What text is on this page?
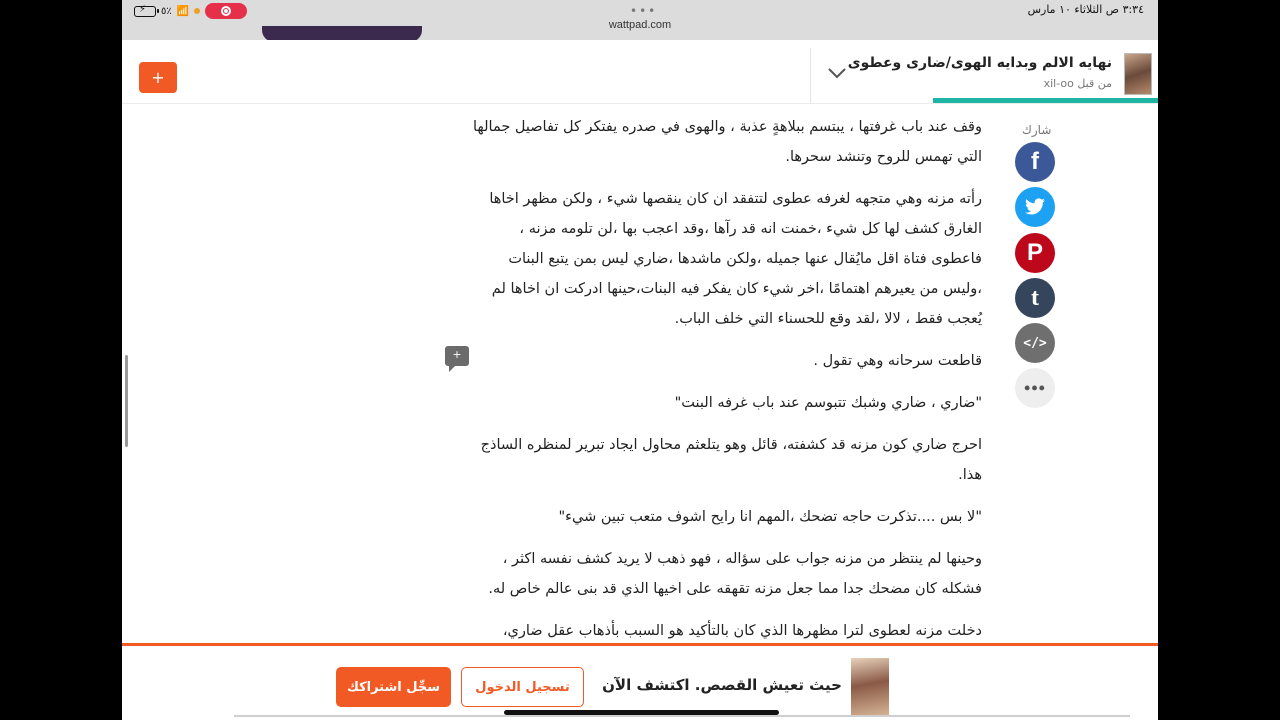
⚡ ٥٪ 📶	•••
wattpad.com
٣:٣٤ ص الثلاثاء ١٠ مارس
+
نهايه الالم وبدايه الهوى/ضارى وعطوى
من قبل xil-oo
شارك
f
P
t
</>
•••
+

وقف عند باب غرفتها ، يبتسم ببلاهةٍ عذبة ، والهوى في صدره يفتكر كل تفاصيل جمالها التي تهمس للروح وتنشد سحرها.

رأته مزنه وهي متجهه لغرفه عطوى لتتفقد ان كان ينقصها شيء ، ولكن مظهر اخاها الغارق كشف لها كل شيء ،خمنت انه قد رآها ،وقد اعجب بها ،لن تلومه مزنه ، فاعطوى فتاة اقل مايُقال عنها جميله ،ولكن ماشدها ،ضاري ليس بمن يتبع البنات ،وليس من يعيرهم اهتمامًا ،اخر شيء كان يفكر فيه البنات،حينها ادركت ان اخاها لم يُعجب فقط ، لالا ،لقد وقع للحسناء التي خلف الباب.

قاطعت سرحانه وهي تقول .

"ضاري ، ضاري وشبك تتبوسم عند باب غرفه البنت"

احرج ضاري كون مزنه قد كشفته، قائل وهو يتلعثم محاول ايجاد تبرير لمنظره الساذج هذا.

"لا بس ....تذكرت حاجه تضحك ،المهم انا رايح اشوف متعب تبين شيء"

وحينها لم ينتظر من مزنه جواب على سؤاله ، فهو ذهب لا يريد كشف نفسه اكثر ، فشكله كان مضحك جدا مما جعل مزنه تقهقه على اخيها الذي قد بنى عالم خاص له.

دخلت مزنه لعطوى لترا مظهرها الذي كان بالتأكيد هو السبب بأذهاب عقل ضاري،

سجِّل اشتراكك	تسجيل الدخول	حيث تعيش القصص. اكتشف الآن
